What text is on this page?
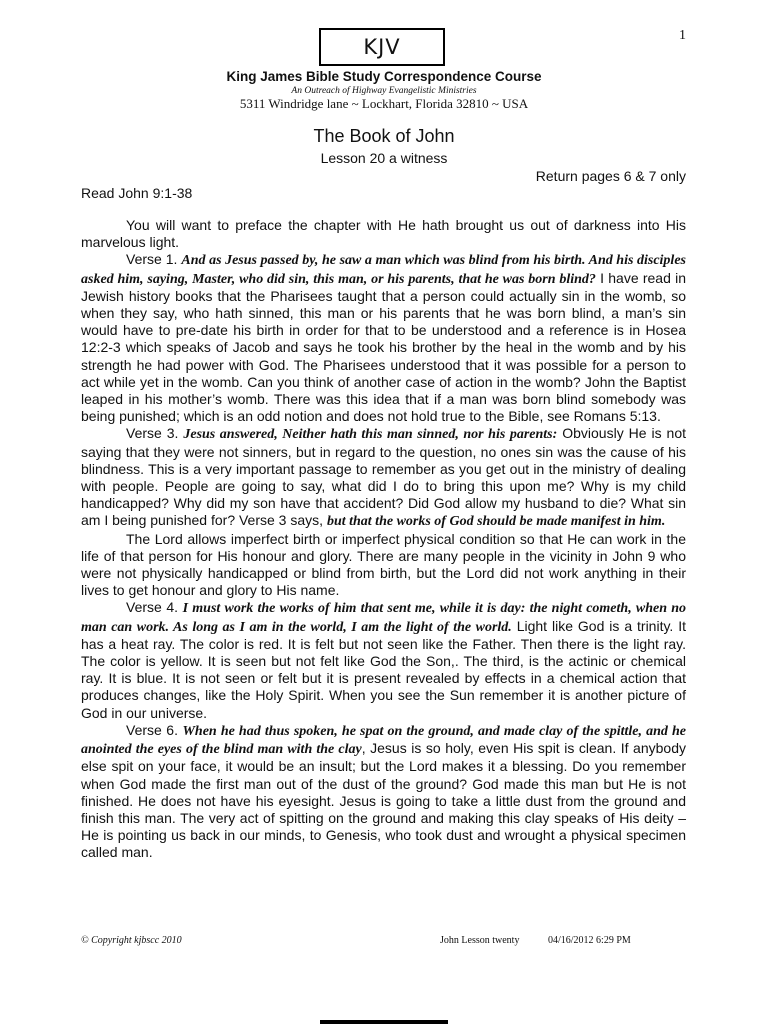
KJV	1
King James Bible Study Correspondence Course
An Outreach of Highway Evangelistic Ministries
5311 Windridge lane ~ Lockhart, Florida 32810 ~ USA
The Book of John
Lesson 20 a witness
Return pages 6 & 7 only
Read John 9:1-38

You will want to preface the chapter with He hath brought us out of darkness into His marvelous light.

Verse 1. And as Jesus passed by, he saw a man which was blind from his birth. And his disciples asked him, saying, Master, who did sin, this man, or his parents, that he was born blind? I have read in Jewish history books that the Pharisees taught that a person could actually sin in the womb, so when they say, who hath sinned, this man or his parents that he was born blind, a man’s sin would have to pre-date his birth in order for that to be understood and a reference is in Hosea 12:2-3 which speaks of Jacob and says he took his brother by the heal in the womb and by his strength he had power with God. The Pharisees understood that it was possible for a person to act while yet in the womb. Can you think of another case of action in the womb? John the Baptist leaped in his mother’s womb. There was this idea that if a man was born blind somebody was being punished; which is an odd notion and does not hold true to the Bible, see Romans 5:13.

Verse 3. Jesus answered, Neither hath this man sinned, nor his parents: Obviously He is not saying that they were not sinners, but in regard to the question, no ones sin was the cause of his blindness. This is a very important passage to remember as you get out in the ministry of dealing with people. People are going to say, what did I do to bring this upon me? Why is my child handicapped? Why did my son have that accident? Did God allow my husband to die? What sin am I being punished for? Verse 3 says, but that the works of God should be made manifest in him.

The Lord allows imperfect birth or imperfect physical condition so that He can work in the life of that person for His honour and glory. There are many people in the vicinity in John 9 who were not physically handicapped or blind from birth, but the Lord did not work anything in their lives to get honour and glory to His name.

Verse 4. I must work the works of him that sent me, while it is day: the night cometh, when no man can work. As long as I am in the world, I am the light of the world. Light like God is a trinity. It has a heat ray. The color is red. It is felt but not seen like the Father. Then there is the light ray. The color is yellow. It is seen but not felt like God the Son,. The third, is the actinic or chemical ray. It is blue. It is not seen or felt but it is present revealed by effects in a chemical action that produces changes, like the Holy Spirit. When you see the Sun remember it is another picture of God in our universe.

Verse 6. When he had thus spoken, he spat on the ground, and made clay of the spittle, and he anointed the eyes of the blind man with the clay, Jesus is so holy, even His spit is clean. If anybody else spit on your face, it would be an insult; but the Lord makes it a blessing. Do you remember when God made the first man out of the dust of the ground? God made this man but He is not finished. He does not have his eyesight. Jesus is going to take a little dust from the ground and finish this man. The very act of spitting on the ground and making this clay speaks of His deity – He is pointing us back in our minds, to Genesis, who took dust and wrought a physical specimen called man.

© Copyright kjbscc 2010	John Lesson twenty	04/16/2012 6:29 PM
